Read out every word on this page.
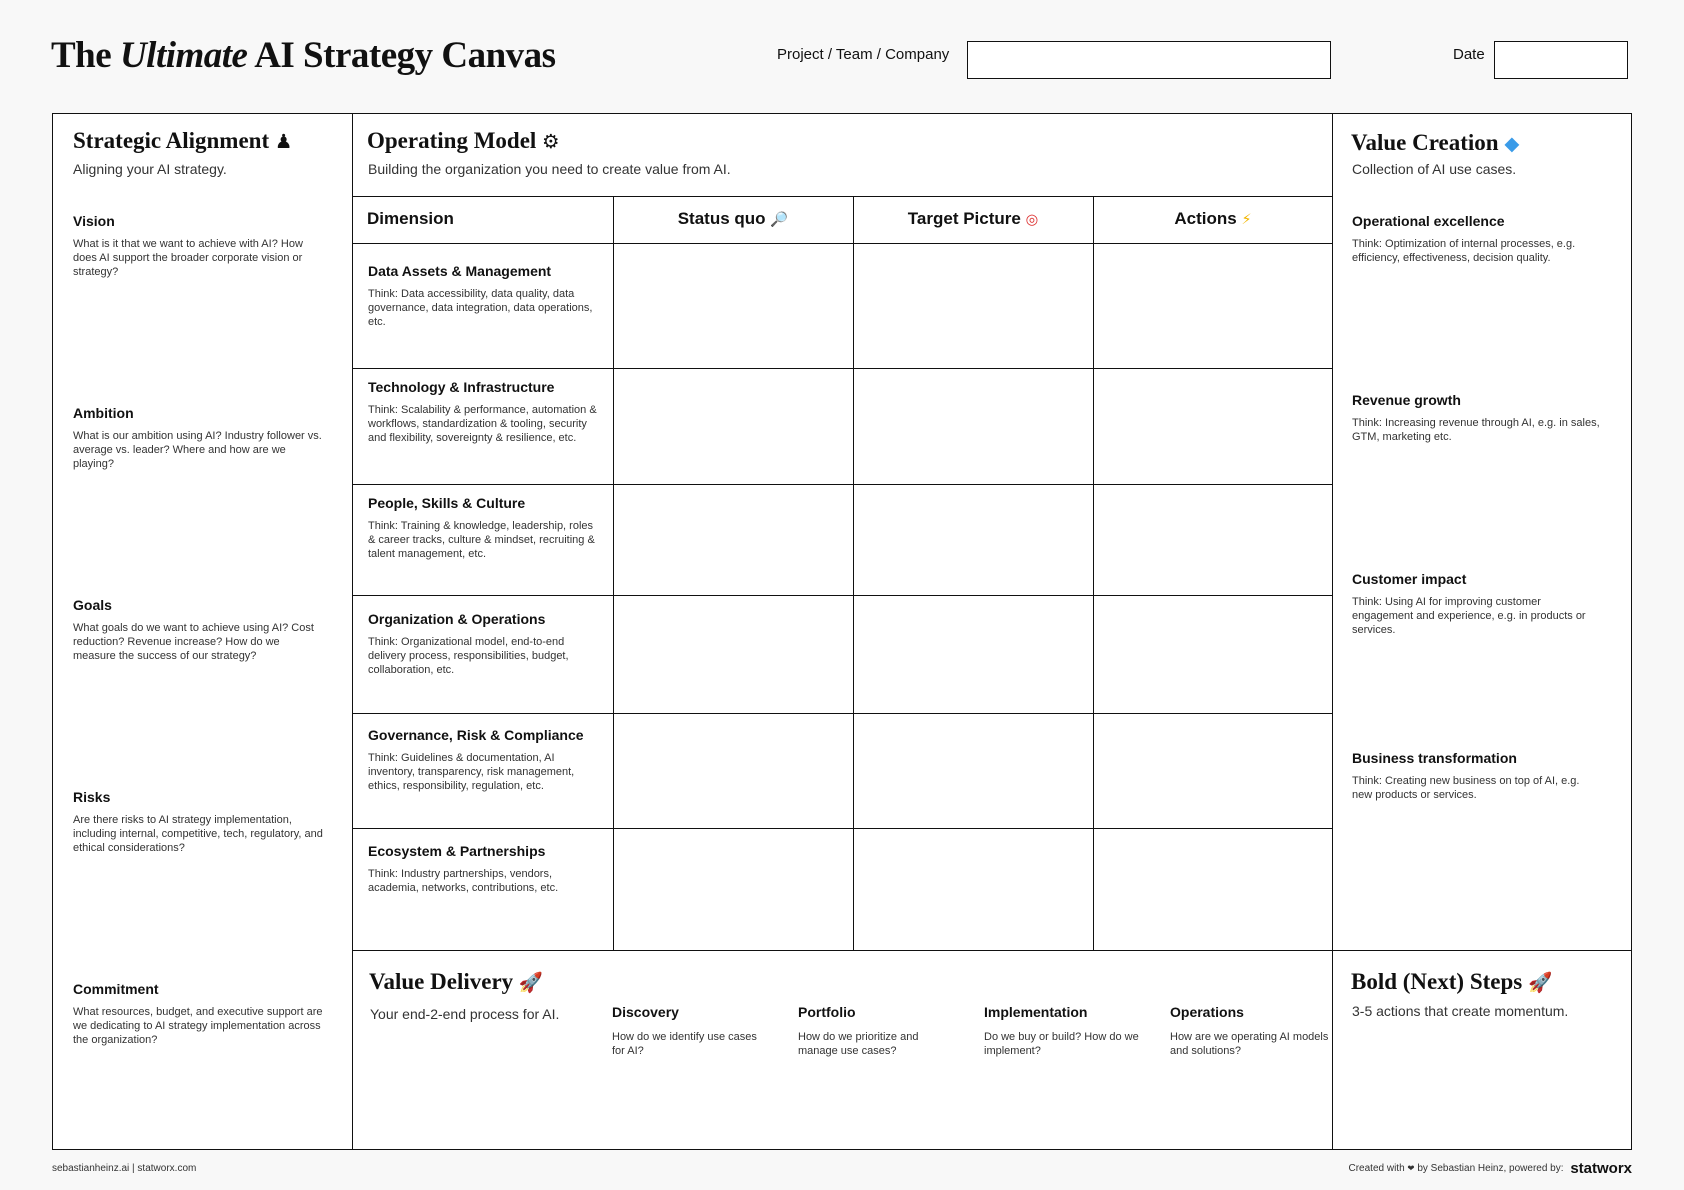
The Ultimate AI Strategy Canvas	Project / Team / Company	Date
Strategic Alignment ♟
Aligning your AI strategy.
Vision
What is it that we want to achieve with AI? How does AI support the broader corporate vision or strategy?
Ambition
What is our ambition using AI? Industry follower vs. average vs. leader? Where and how are we playing?
Goals
What goals do we want to achieve using AI? Cost reduction? Revenue increase? How do we measure the success of our strategy?
Risks
Are there risks to AI strategy implementation, including internal, competitive, tech, regulatory, and ethical considerations?
Commitment
What resources, budget, and executive support are we dedicating to AI strategy implementation across the organization?
Operating Model ⚙
Building the organization you need to create value from AI.
Dimension	Status quo 🔎	Target Picture ◎	Actions ⚡
Data Assets & Management
Think: Data accessibility, data quality, data governance, data integration, data operations, etc.
Technology & Infrastructure
Think: Scalability & performance, automation & workflows, standardization & tooling, security and flexibility, sovereignty & resilience, etc.
People, Skills & Culture
Think: Training & knowledge, leadership, roles & career tracks, culture & mindset, recruiting & talent management, etc.
Organization & Operations
Think: Organizational model, end-to-end delivery process, responsibilities, budget, collaboration, etc.
Governance, Risk & Compliance
Think: Guidelines & documentation, AI inventory, transparency, risk management, ethics, responsibility, regulation, etc.
Ecosystem & Partnerships
Think: Industry partnerships, vendors, academia, networks, contributions, etc.
Value Creation ◆
Collection of AI use cases.
Operational excellence
Think: Optimization of internal processes, e.g. efficiency, effectiveness, decision quality.
Revenue growth
Think: Increasing revenue through AI, e.g. in sales, GTM, marketing etc.
Customer impact
Think: Using AI for improving customer engagement and experience, e.g. in products or services.
Business transformation
Think: Creating new business on top of AI, e.g. new products or services.
Value Delivery 🚀
Your end-2-end process for AI.	Discovery
How do we identify use cases for AI?
Portfolio
How do we prioritize and manage use cases?
Implementation
Do we buy or build? How do we implement?
Operations
How are we operating AI models and solutions?
Bold (Next) Steps 🚀
3-5 actions that create momentum.
sebastianheinz.ai | statworx.com	Created with ❤ by Sebastian Heinz, powered by: statworx
